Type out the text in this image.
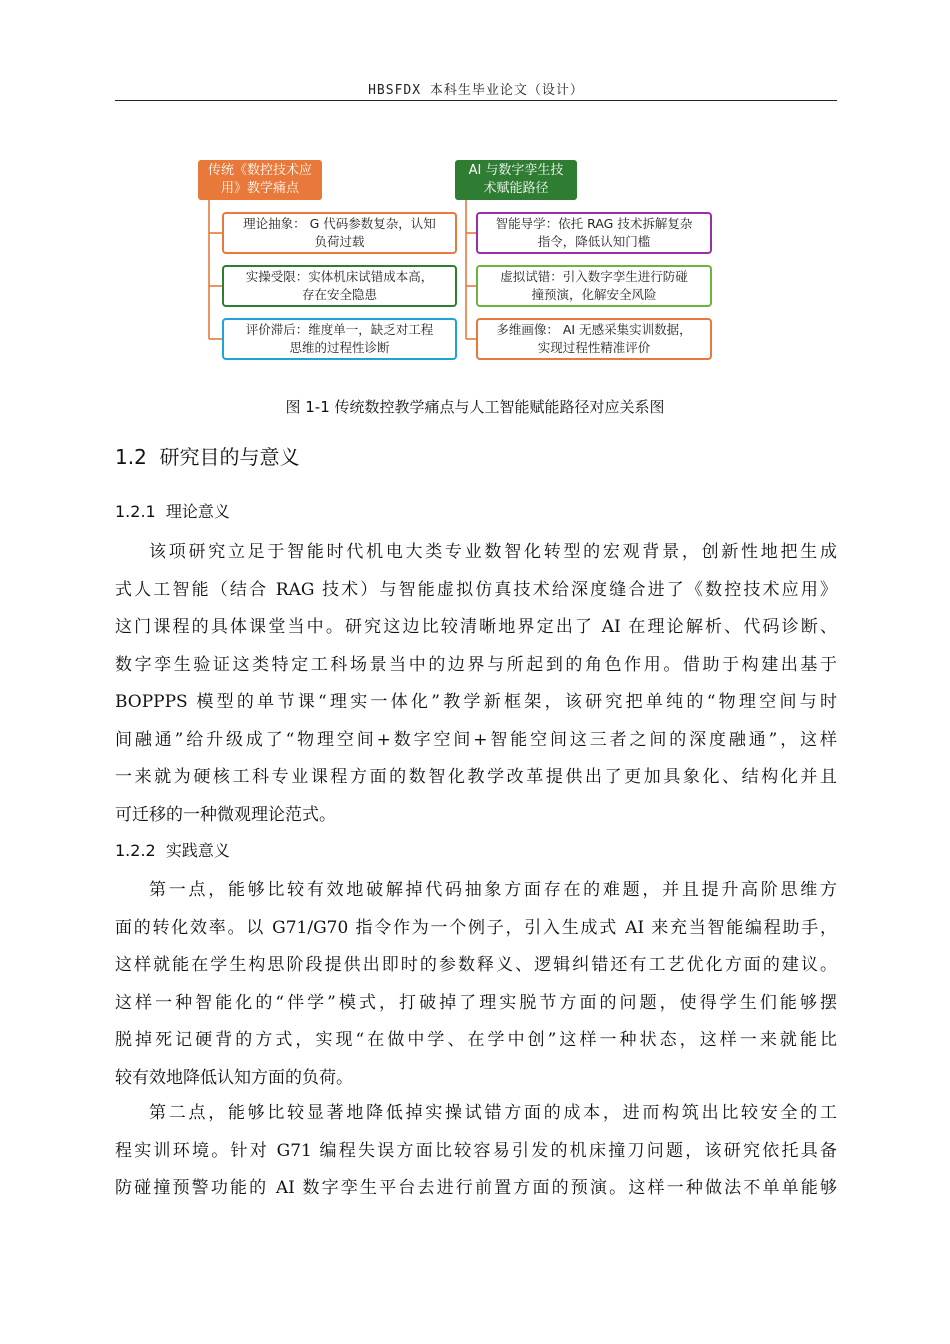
HBSFDX 本科生毕业论文（设计）
传统《数控技术应
用》教学痛点
AI 与数字孪生技
术赋能路径
理论抽象： G 代码参数复杂，认知
负荷过载
实操受限：实体机床试错成本高，
存在安全隐患
评价滞后：维度单一，缺乏对工程
思维的过程性诊断
智能导学：依托 RAG 技术拆解复杂
指令，降低认知门槛
虚拟试错：引入数字孪生进行防碰
撞预演，化解安全风险
多维画像： AI 无感采集实训数据，
实现过程性精准评价
图 1-1 传统数控教学痛点与人工智能赋能路径对应关系图
1.2 研究目的与意义
1.2.1 理论意义
该项研究立足于智能时代机电大类专业数智化转型的宏观背景，创新性地把生成
式人工智能（结合 RAG 技术）与智能虚拟仿真技术给深度缝合进了《数控技术应用》
这门课程的具体课堂当中。研究这边比较清晰地界定出了 AI 在理论解析、代码诊断、
数字孪生验证这类特定工科场景当中的边界与所起到的角色作用。借助于构建出基于
BOPPPS 模型的单节课“理实一体化”教学新框架，该研究把单纯的“物理空间与时
间融通”给升级成了“物理空间+数字空间+智能空间这三者之间的深度融通”，这样
一来就为硬核工科专业课程方面的数智化教学改革提供出了更加具象化、结构化并且
可迁移的一种微观理论范式。
1.2.2 实践意义
第一点，能够比较有效地破解掉代码抽象方面存在的难题，并且提升高阶思维方
面的转化效率。以 G71/G70 指令作为一个例子，引入生成式 AI 来充当智能编程助手，
这样就能在学生构思阶段提供出即时的参数释义、逻辑纠错还有工艺优化方面的建议。
这样一种智能化的“伴学”模式，打破掉了理实脱节方面的问题，使得学生们能够摆
脱掉死记硬背的方式，实现“在做中学、在学中创”这样一种状态，这样一来就能比
较有效地降低认知方面的负荷。
第二点，能够比较显著地降低掉实操试错方面的成本，进而构筑出比较安全的工
程实训环境。针对 G71 编程失误方面比较容易引发的机床撞刀问题，该研究依托具备
防碰撞预警功能的 AI 数字孪生平台去进行前置方面的预演。这样一种做法不单单能够
